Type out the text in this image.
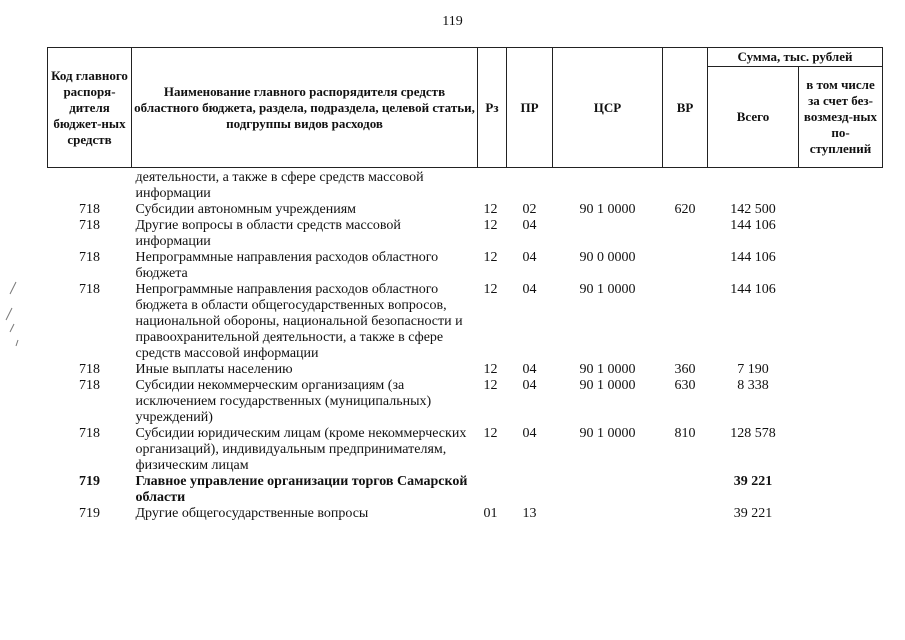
119
Код главного распоря-дителя бюджет-ных средств	Наименование главного распорядителя средств областного бюджета, раздела, подраздела, целевой статьи, подгруппы видов расходов	Рз	ПР	ЦСР	ВР	Сумма, тыс. рублей	
						Всего	в том числе за счет без-возмезд-ных по-ступлений
	деятельности, а также в сфере средств массовой информации						
718	Субсидии автономным учреждениям	12	02	90 1 0000	620	142 500	
718	Другие вопросы в области средств массовой информации	12	04			144 106	
718	Непрограммные направления расходов областного бюджета	12	04	90 0 0000		144 106	
718	Непрограммные направления расходов областного бюджета в области общегосударственных вопросов, национальной обороны, национальной безопасности и правоохранительной деятельности, а также в сфере средств массовой информации	12	04	90 1 0000		144 106	
718	Иные выплаты населению	12	04	90 1 0000	360	7 190	
718	Субсидии некоммерческим организациям (за исключением государственных (муниципальных) учреждений)	12	04	90 1 0000	630	8 338	
718	Субсидии юридическим лицам (кроме некоммерческих организаций), индивидуальным предпринимателям, физическим лицам	12	04	90 1 0000	810	128 578	
719	Главное управление организации торгов Самарской области					39 221	
719	Другие общегосударственные вопросы	01	13			39 221	
